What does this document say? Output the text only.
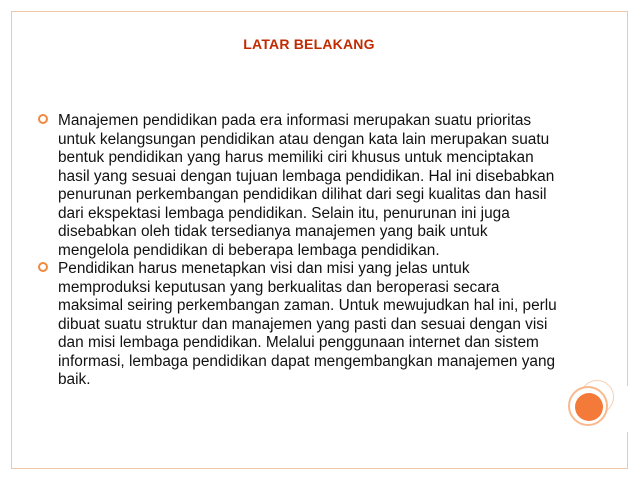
LATAR BELAKANG
Manajemen pendidikan pada era informasi merupakan suatu prioritas untuk kelangsungan pendidikan atau dengan kata lain merupakan suatu bentuk pendidikan yang harus memiliki ciri khusus untuk menciptakan hasil yang sesuai dengan tujuan lembaga pendidikan. Hal ini disebabkan penurunan perkembangan pendidikan dilihat dari segi kualitas dan hasil dari ekspektasi lembaga pendidikan. Selain itu, penurunan ini juga disebabkan oleh tidak tersedianya manajemen yang baik untuk mengelola pendidikan di beberapa lembaga pendidikan.
Pendidikan harus menetapkan visi dan misi yang jelas untuk memproduksi keputusan yang berkualitas dan beroperasi secara maksimal seiring perkembangan zaman. Untuk mewujudkan hal ini, perlu dibuat suatu struktur dan manajemen yang pasti dan sesuai dengan visi dan misi lembaga pendidikan. Melalui penggunaan internet dan sistem informasi, lembaga pendidikan dapat mengembangkan manajemen yang baik.
